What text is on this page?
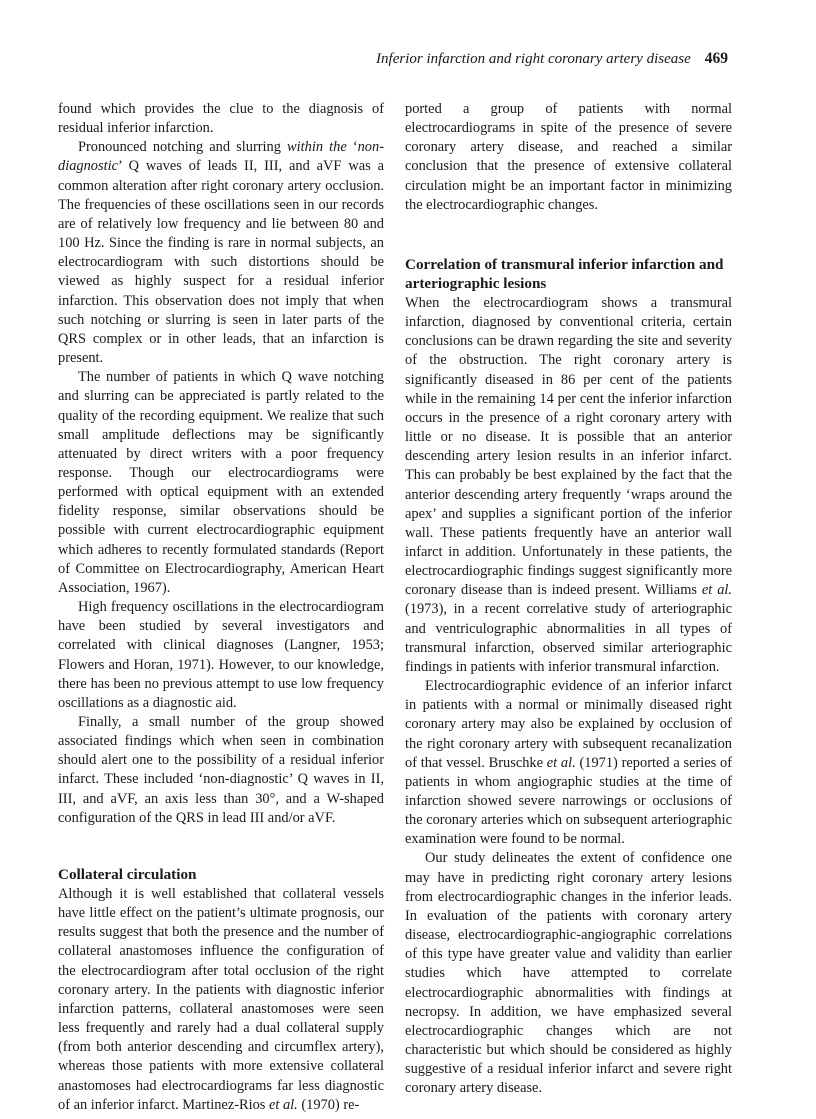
Inferior infarction and right coronary artery disease 469

found which provides the clue to the diagnosis of residual inferior infarction.

Pronounced notching and slurring within the ‘non-diagnostic’ Q waves of leads II, III, and aVF was a common alteration after right coronary artery occlusion. The frequencies of these oscillations seen in our records are of relatively low frequency and lie between 80 and 100 Hz. Since the finding is rare in normal subjects, an electrocardiogram with such distortions should be viewed as highly suspect for a residual inferior infarction. This observation does not imply that when such notching or slurring is seen in later parts of the QRS complex or in other leads, that an infarction is present.

The number of patients in which Q wave notching and slurring can be appreciated is partly related to the quality of the recording equipment. We realize that such small amplitude deflections may be significantly attenuated by direct writers with a poor frequency response. Though our electrocardiograms were performed with optical equipment with an extended fidelity response, similar observations should be possible with current electrocardiographic equipment which adheres to recently formulated standards (Report of Committee on Electrocardiography, American Heart Association, 1967).

High frequency oscillations in the electrocardiogram have been studied by several investigators and correlated with clinical diagnoses (Langner, 1953; Flowers and Horan, 1971). However, to our knowledge, there has been no previous attempt to use low frequency oscillations as a diagnostic aid.

Finally, a small number of the group showed associated findings which when seen in combination should alert one to the possibility of a residual inferior infarct. These included ‘non-diagnostic’ Q waves in II, III, and aVF, an axis less than 30°, and a W-shaped configuration of the QRS in lead III and/or aVF.

Collateral circulation

Although it is well established that collateral vessels have little effect on the patient’s ultimate prognosis, our results suggest that both the presence and the number of collateral anastomoses influence the configuration of the electrocardiogram after total occlusion of the right coronary artery. In the patients with diagnostic inferior infarction patterns, collateral anastomoses were seen less frequently and rarely had a dual collateral supply (from both anterior descending and circumflex artery), whereas those patients with more extensive collateral anastomoses had electrocardiograms far less diagnostic of an inferior infarct. Martinez-Rios et al. (1970) re-

ported a group of patients with normal electrocardiograms in spite of the presence of severe coronary artery disease, and reached a similar conclusion that the presence of extensive collateral circulation might be an important factor in minimizing the electrocardiographic changes.

Correlation of transmural inferior infarction and arteriographic lesions

When the electrocardiogram shows a transmural infarction, diagnosed by conventional criteria, certain conclusions can be drawn regarding the site and severity of the obstruction. The right coronary artery is significantly diseased in 86 per cent of the patients while in the remaining 14 per cent the inferior infarction occurs in the presence of a right coronary artery with little or no disease. It is possible that an anterior descending artery lesion results in an inferior infarct. This can probably be best explained by the fact that the anterior descending artery frequently ‘wraps around the apex’ and supplies a significant portion of the inferior wall. These patients frequently have an anterior wall infarct in addition. Unfortunately in these patients, the electrocardiographic findings suggest significantly more coronary disease than is indeed present. Williams et al. (1973), in a recent correlative study of arteriographic and ventriculographic abnormalities in all types of transmural infarction, observed similar arteriographic findings in patients with inferior transmural infarction.

Electrocardiographic evidence of an inferior infarct in patients with a normal or minimally diseased right coronary artery may also be explained by occlusion of the right coronary artery with subsequent recanalization of that vessel. Bruschke et al. (1971) reported a series of patients in whom angiographic studies at the time of infarction showed severe narrowings or occlusions of the coronary arteries which on subsequent arteriographic examination were found to be normal.

Our study delineates the extent of confidence one may have in predicting right coronary artery lesions from electrocardiographic changes in the inferior leads. In evaluation of the patients with coronary artery disease, electrocardiographic-angiographic correlations of this type have greater value and validity than earlier studies which have attempted to correlate electrocardiographic abnormalities with findings at necropsy. In addition, we have emphasized several electrocardiographic changes which are not characteristic but which should be considered as highly suggestive of a residual inferior infarct and severe right coronary artery disease.
